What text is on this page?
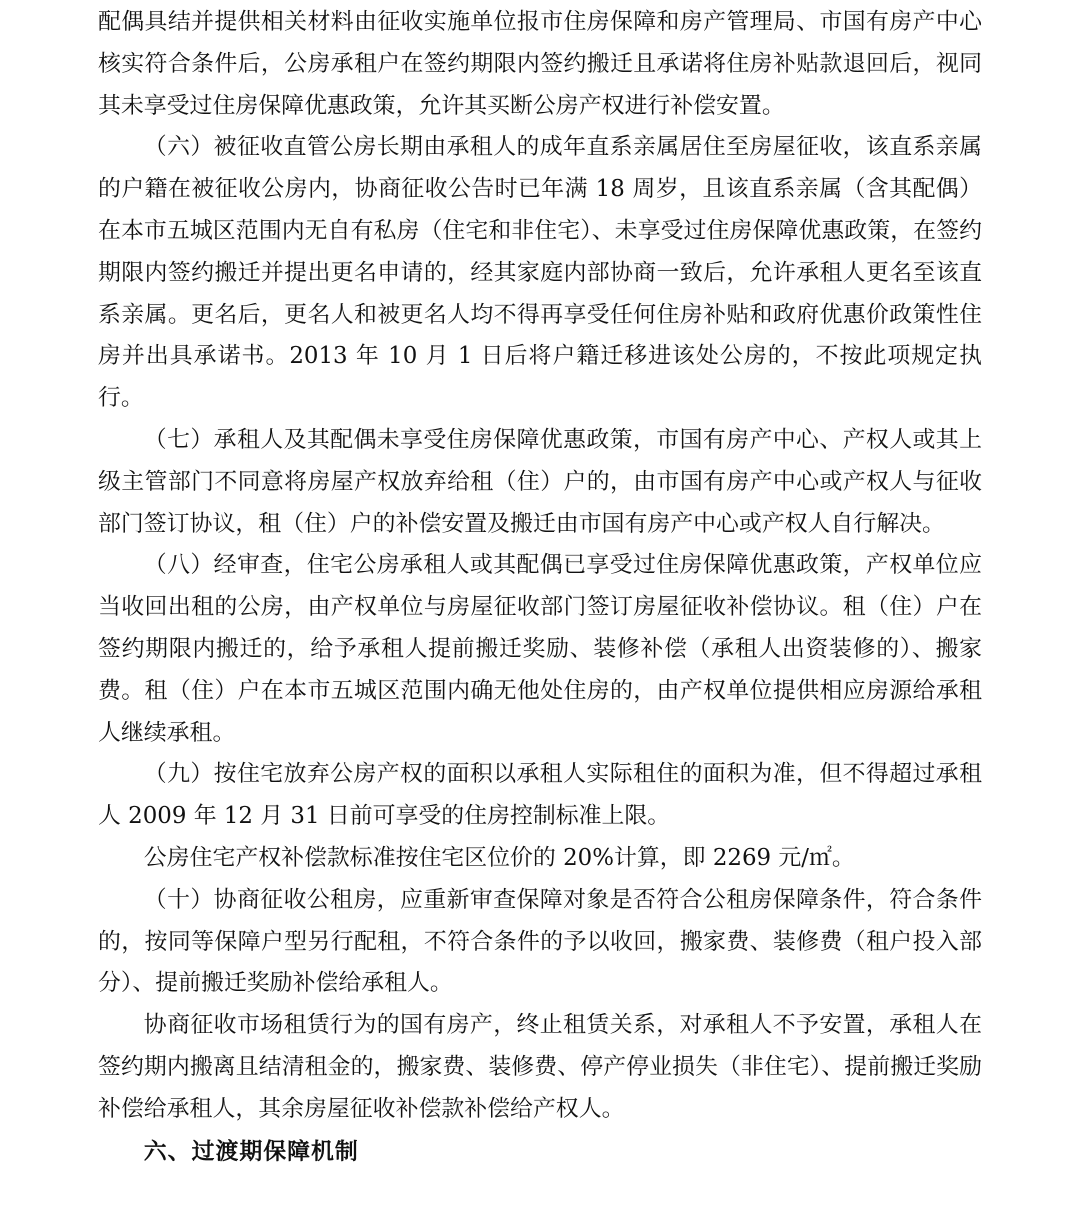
配偶具结并提供相关材料由征收实施单位报市住房保障和房产管理局、市国有房产中心核实符合条件后，公房承租户在签约期限内签约搬迁且承诺将住房补贴款退回后，视同其未享受过住房保障优惠政策，允许其买断公房产权进行补偿安置。

（六）被征收直管公房长期由承租人的成年直系亲属居住至房屋征收，该直系亲属的户籍在被征收公房内，协商征收公告时已年满 18 周岁，且该直系亲属（含其配偶）在本市五城区范围内无自有私房（住宅和非住宅）、未享受过住房保障优惠政策，在签约期限内签约搬迁并提出更名申请的，经其家庭内部协商一致后，允许承租人更名至该直系亲属。更名后，更名人和被更名人均不得再享受任何住房补贴和政府优惠价政策性住房并出具承诺书。2013 年 10 月 1 日后将户籍迁移进该处公房的，不按此项规定执行。

（七）承租人及其配偶未享受住房保障优惠政策，市国有房产中心、产权人或其上级主管部门不同意将房屋产权放弃给租（住）户的，由市国有房产中心或产权人与征收部门签订协议，租（住）户的补偿安置及搬迁由市国有房产中心或产权人自行解决。

（八）经审查，住宅公房承租人或其配偶已享受过住房保障优惠政策，产权单位应当收回出租的公房，由产权单位与房屋征收部门签订房屋征收补偿协议。租（住）户在签约期限内搬迁的，给予承租人提前搬迁奖励、装修补偿（承租人出资装修的）、搬家费。租（住）户在本市五城区范围内确无他处住房的，由产权单位提供相应房源给承租人继续承租。

（九）按住宅放弃公房产权的面积以承租人实际租住的面积为准，但不得超过承租人 2009 年 12 月 31 日前可享受的住房控制标准上限。

公房住宅产权补偿款标准按住宅区位价的 20%计算，即 2269 元/㎡。

（十）协商征收公租房，应重新审查保障对象是否符合公租房保障条件，符合条件的，按同等保障户型另行配租，不符合条件的予以收回，搬家费、装修费（租户投入部分）、提前搬迁奖励补偿给承租人。

协商征收市场租赁行为的国有房产，终止租赁关系，对承租人不予安置，承租人在签约期内搬离且结清租金的，搬家费、装修费、停产停业损失（非住宅）、提前搬迁奖励补偿给承租人，其余房屋征收补偿款补偿给产权人。

六、过渡期保障机制
